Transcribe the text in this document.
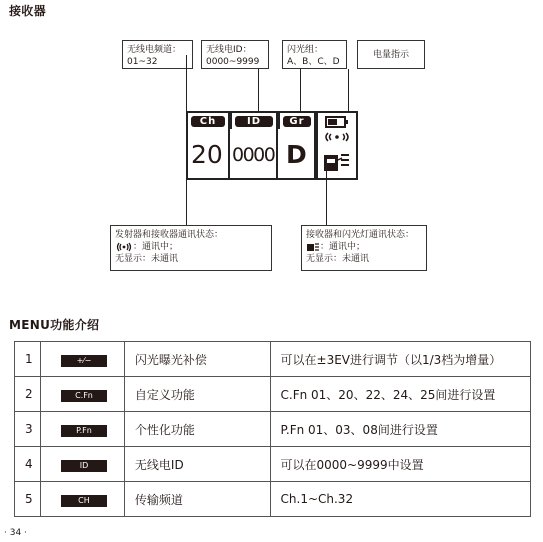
接收器
无线电频道：
01~32
无线电ID：
0000~9999
闪光组：
A、B、C、D
电量指示
Ch	ID	Gr
20 0000 D
发射器和接收器通讯状态：
：通讯中；
无显示：未通讯
接收器和闪光灯通讯状态：
：通讯中；
无显示：未通讯
MENU功能介绍
1	+⁄−	闪光曝光补偿	可以在±3EV进行调节（以1/3档为增量）
2	C.Fn	自定义功能	C.Fn 01、20、22、24、25间进行设置
3	P.Fn	个性化功能	P.Fn 01、03、08间进行设置
4	ID	无线电ID	可以在0000~9999中设置
5	CH	传输频道	Ch.1~Ch.32
· 34 ·
